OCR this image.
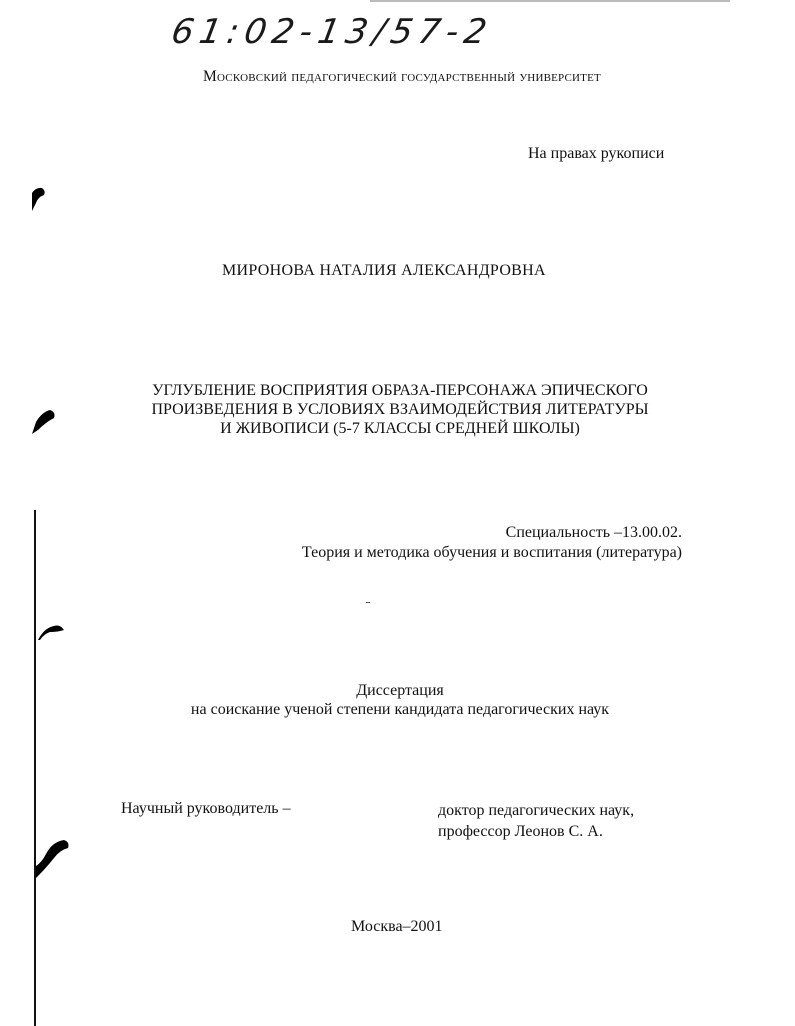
61:02-13/57-2
Московский педагогический государственный университет
На правах рукописи
МИРОНОВА НАТАЛИЯ АЛЕКСАНДРОВНА
УГЛУБЛЕНИЕ ВОСПРИЯТИЯ ОБРАЗА-ПЕРСОНАЖА ЭПИЧЕСКОГО
ПРОИЗВЕДЕНИЯ В УСЛОВИЯХ ВЗАИМОДЕЙСТВИЯ ЛИТЕРАТУРЫ
И ЖИВОПИСИ (5-7 КЛАССЫ СРЕДНЕЙ ШКОЛЫ)
Специальность –13.00.02.
Теория и методика обучения и воспитания (литература)
Диссертация
на соискание ученой степени кандидата педагогических наук
Научный руководитель –	доктор педагогических наук,
профессор Леонов С. А.
Москва–2001
